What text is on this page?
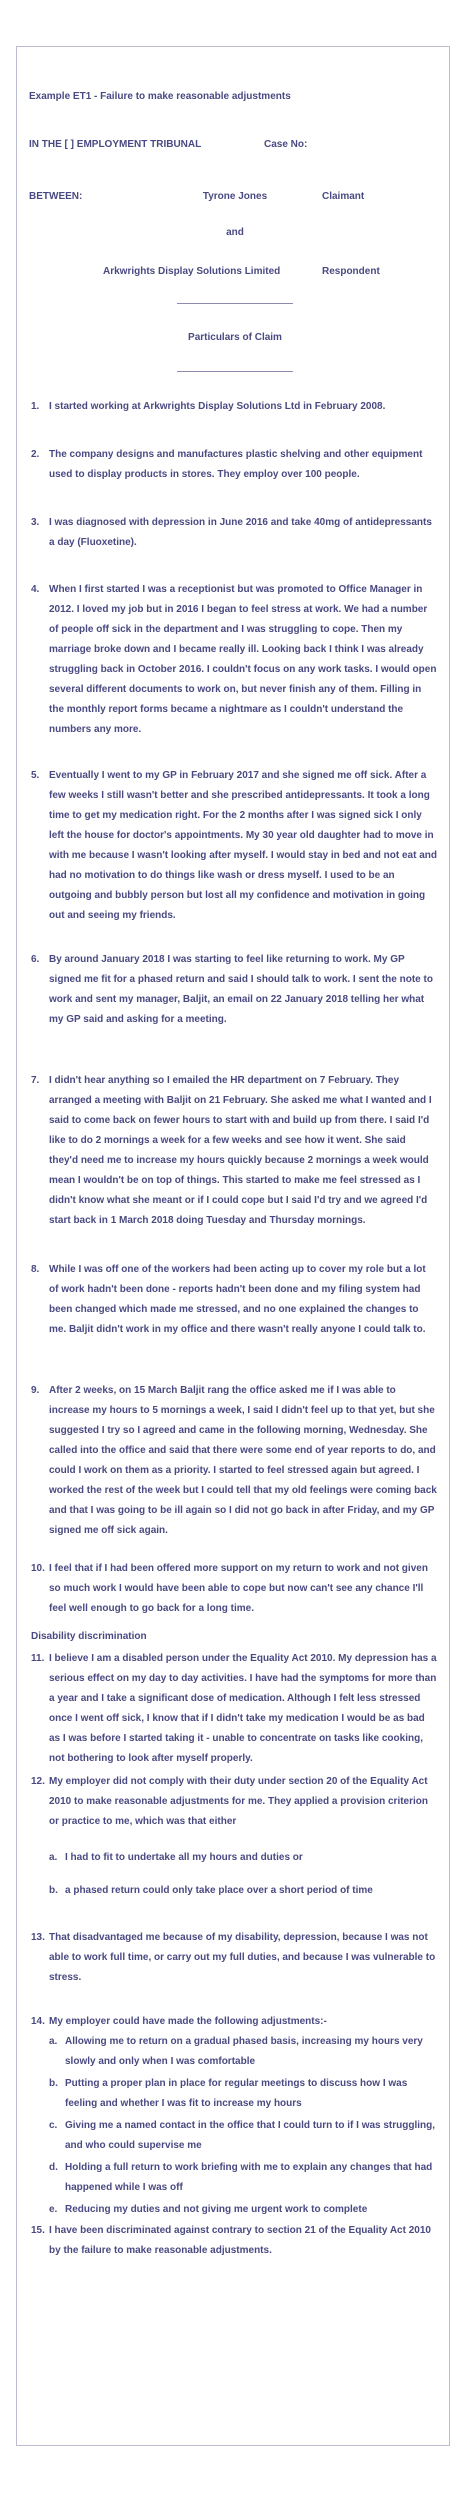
Example ET1 - Failure to make reasonable adjustments
IN THE [ ] EMPLOYMENT TRIBUNAL	Case No:
BETWEEN:	Tyrone Jones	Claimant
and
Arkwrights Display Solutions Limited	Respondent
Particulars of Claim
1. I started working at Arkwrights Display Solutions Ltd in February 2008.
2. The company designs and manufactures plastic shelving and other equipment used to display products in stores. They employ over 100 people.
3. I was diagnosed with depression in June 2016 and take 40mg of antidepressants a day (Fluoxetine).
4. When I first started I was a receptionist but was promoted to Office Manager in 2012. I loved my job but in 2016 I began to feel stress at work. We had a number of people off sick in the department and I was struggling to cope. Then my marriage broke down and I became really ill. Looking back I think I was already struggling back in October 2016. I couldn't focus on any work tasks. I would open several different documents to work on, but never finish any of them. Filling in the monthly report forms became a nightmare as I couldn't understand the numbers any more.
5. Eventually I went to my GP in February 2017 and she signed me off sick. After a few weeks I still wasn't better and she prescribed antidepressants. It took a long time to get my medication right. For the 2 months after I was signed sick I only left the house for doctor's appointments. My 30 year old daughter had to move in with me because I wasn't looking after myself. I would stay in bed and not eat and had no motivation to do things like wash or dress myself. I used to be an outgoing and bubbly person but lost all my confidence and motivation in going out and seeing my friends.
6. By around January 2018 I was starting to feel like returning to work. My GP signed me fit for a phased return and said I should talk to work. I sent the note to work and sent my manager, Baljit, an email on 22 January 2018 telling her what my GP said and asking for a meeting.
7. I didn't hear anything so I emailed the HR department on 7 February. They arranged a meeting with Baljit on 21 February. She asked me what I wanted and I said to come back on fewer hours to start with and build up from there. I said I'd like to do 2 mornings a week for a few weeks and see how it went. She said they'd need me to increase my hours quickly because 2 mornings a week would mean I wouldn't be on top of things. This started to make me feel stressed as I didn't know what she meant or if I could cope but I said I'd try and we agreed I'd start back in 1 March 2018 doing Tuesday and Thursday mornings.
8. While I was off one of the workers had been acting up to cover my role but a lot of work hadn't been done - reports hadn't been done and my filing system had been changed which made me stressed, and no one explained the changes to me. Baljit didn't work in my office and there wasn't really anyone I could talk to.
9. After 2 weeks, on 15 March Baljit rang the office asked me if I was able to increase my hours to 5 mornings a week, I said I didn't feel up to that yet, but she suggested I try so I agreed and came in the following morning, Wednesday. She called into the office and said that there were some end of year reports to do, and could I work on them as a priority. I started to feel stressed again but agreed. I worked the rest of the week but I could tell that my old feelings were coming back and that I was going to be ill again so I did not go back in after Friday, and my GP signed me off sick again.
10. I feel that if I had been offered more support on my return to work and not given so much work I would have been able to cope but now can't see any chance I'll feel well enough to go back for a long time.
Disability discrimination
11. I believe I am a disabled person under the Equality Act 2010. My depression has a serious effect on my day to day activities. I have had the symptoms for more than a year and I take a significant dose of medication. Although I felt less stressed once I went off sick, I know that if I didn't take my medication I would be as bad as I was before I started taking it - unable to concentrate on tasks like cooking, not bothering to look after myself properly.
12. My employer did not comply with their duty under section 20 of the Equality Act 2010 to make reasonable adjustments for me. They applied a provision criterion or practice to me, which was that either
a. I had to fit to undertake all my hours and duties or
b. a phased return could only take place over a short period of time
13. That disadvantaged me because of my disability, depression, because I was not able to work full time, or carry out my full duties, and because I was vulnerable to stress.
14. My employer could have made the following adjustments:-
a. Allowing me to return on a gradual phased basis, increasing my hours very slowly and only when I was comfortable
b. Putting a proper plan in place for regular meetings to discuss how I was feeling and whether I was fit to increase my hours
c. Giving me a named contact in the office that I could turn to if I was struggling, and who could supervise me
d. Holding a full return to work briefing with me to explain any changes that had happened while I was off
e. Reducing my duties and not giving me urgent work to complete
15. I have been discriminated against contrary to section 21 of the Equality Act 2010 by the failure to make reasonable adjustments.
